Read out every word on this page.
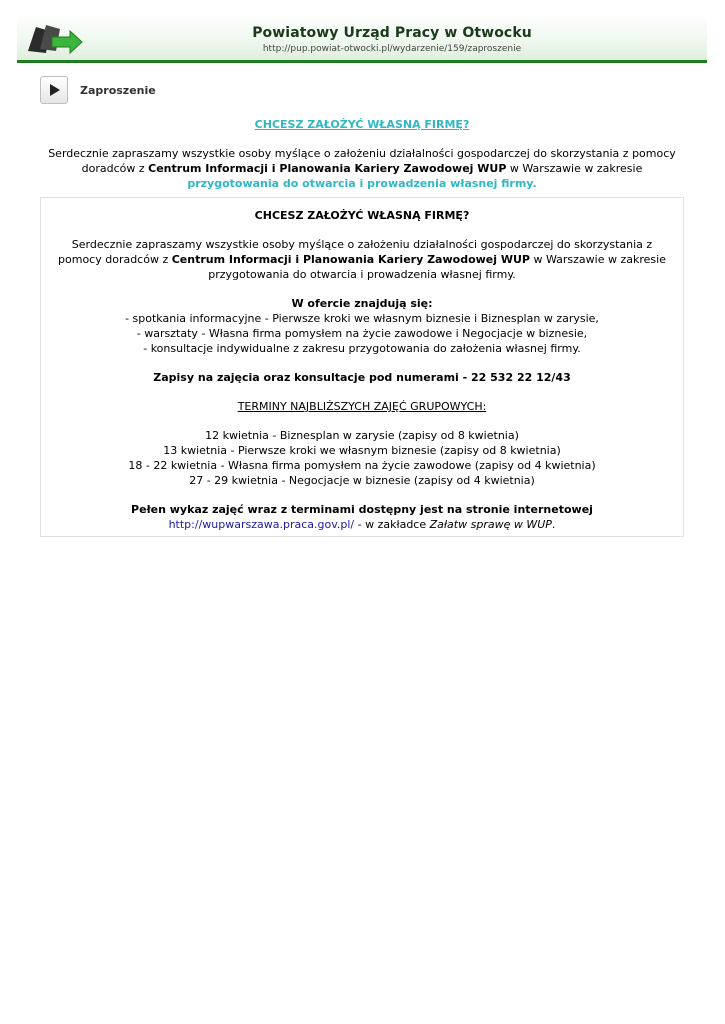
Powiatowy Urząd Pracy w Otwocku
http://pup.powiat-otwocki.pl/wydarzenie/159/zaproszenie
Zaproszenie
CHCESZ ZAŁOŻYĆ WŁASNĄ FIRMĘ?
Serdecznie zapraszamy wszystkie osoby myślące o założeniu działalności gospodarczej do skorzystania z pomocy doradców z Centrum Informacji i Planowania Kariery Zawodowej WUP w Warszawie w zakresie przygotowania do otwarcia i prowadzenia własnej firmy.

CHCESZ ZAŁOŻYĆ WŁASNĄ FIRMĘ?

Serdecznie zapraszamy wszystkie osoby myślące o założeniu działalności gospodarczej do skorzystania z pomocy doradców z Centrum Informacji i Planowania Kariery Zawodowej WUP w Warszawie w zakresie przygotowania do otwarcia i prowadzenia własnej firmy.

W ofercie znajdują się:

- spotkania informacyjne - Pierwsze kroki we własnym biznesie i Biznesplan w zarysie,

- warsztaty - Własna firma pomysłem na życie zawodowe i Negocjacje w biznesie,

- konsultacje indywidualne z zakresu przygotowania do założenia własnej firmy.

Zapisy na zajęcia oraz konsultacje pod numerami - 22 532 22 12/43

TERMINY NAJBLIŻSZYCH ZAJĘĆ GRUPOWYCH:

12 kwietnia - Biznesplan w zarysie (zapisy od 8 kwietnia)

13 kwietnia - Pierwsze kroki we własnym biznesie (zapisy od 8 kwietnia)

18 - 22 kwietnia - Własna firma pomysłem na życie zawodowe (zapisy od 4 kwietnia)

27 - 29 kwietnia - Negocjacje w biznesie (zapisy od 4 kwietnia)

Pełen wykaz zajęć wraz z terminami dostępny jest na stronie internetowej http://wupwarszawa.praca.gov.pl/ - w zakładce Załatw sprawę w WUP.
